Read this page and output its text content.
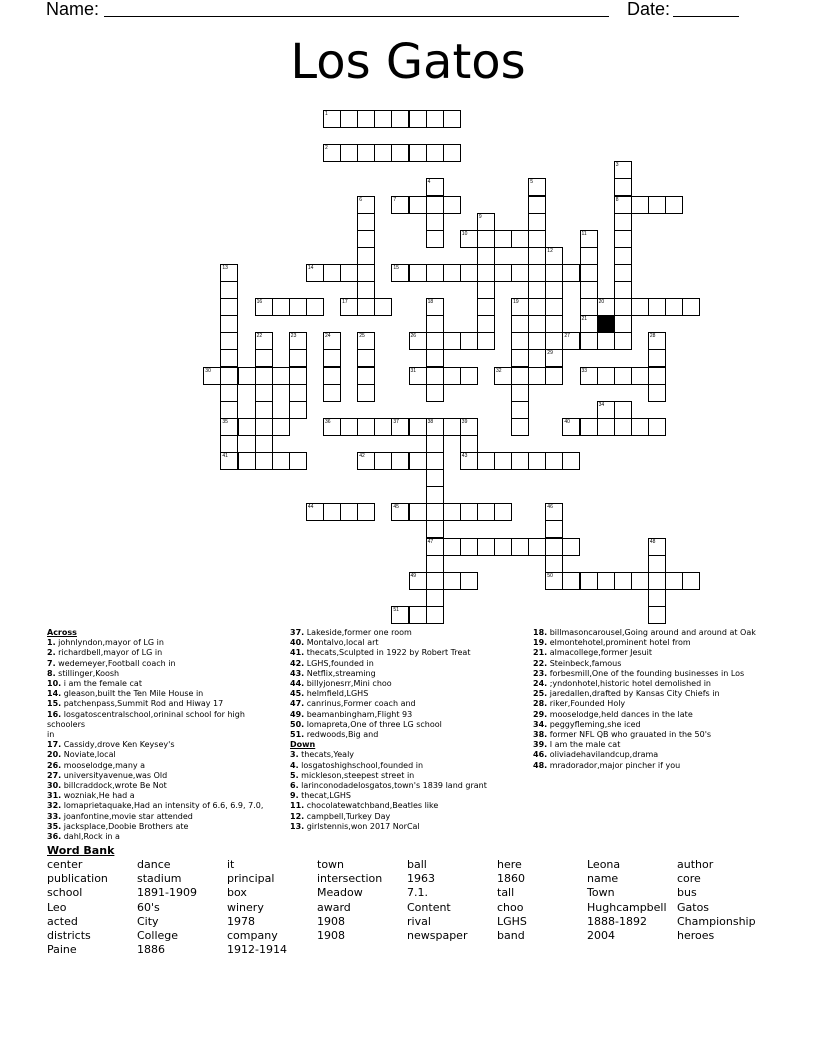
Name:	Date:
Los Gatos
1
2
3
4	5
6	7	8
9
10	11
12
13	14	15
16	17	18	19	20
21
22	23	24	25	26	27	28
29
30	31	32	33
34
35	36	37	38	39	40
41	42	43
44	45	46
47	48
49	50
51
Across
1. johnlyndon,mayor of LG in
2. richardbell,mayor of LG in
7. wedemeyer,Football coach in
8. stillinger,Koosh
10. i am the female cat
14. gleason,built the Ten Mile House in
15. patchenpass,Summit Rod and Hiway 17
16. losgatoscentralschool,orininal school for high schoolers
in
17. Cassidy,drove Ken Keysey's
20. Noviate,local
26. mooselodge,many a
27. universityavenue,was Old
30. billcraddock,wrote Be Not
31. wozniak,He had a
32. lomaprietaquake,Had an intensity of 6.6, 6.9, 7.0,
33. joanfontine,movie star attended
35. jacksplace,Doobie Brothers ate
36. dahl,Rock in a
37. Lakeside,former one room
40. Montalvo,local art
41. thecats,Sculpted in 1922 by Robert Treat
42. LGHS,founded in
43. Netflix,streaming
44. billyjonesrr,Mini choo
45. helmfield,LGHS
47. canrinus,Former coach and
49. beamanbingham,Flight 93
50. lomapreta,One of three LG school
51. redwoods,Big and
Down
3. thecats,Yealy
4. losgatoshighschool,founded in
5. mickleson,steepest street in
6. larinconodadelosgatos,town's 1839 land grant
9. thecat,LGHS
11. chocolatewatchband,Beatles like
12. campbell,Turkey Day
13. girlstennis,won 2017 NorCal
18. billmasoncarousel,Going around and around at Oak
19. elmontehotel,prominent hotel from
21. almacollege,former Jesuit
22. Steinbeck,famous
23. forbesmill,One of the founding businesses in Los
24. ;yndonhotel,historic hotel demolished in
25. jaredallen,drafted by Kansas City Chiefs in
28. riker,Founded Holy
29. mooselodge,held dances in the late
34. peggyfleming,she iced
38. former NFL QB who grauated in the 50's
39. I am the male cat
46. oliviadehavilandcup,drama
48. mradorador,major pincher if you
Word Bank
center
publication
school
Leo
acted
districts
Paine
dance
stadium
1891-1909
60's
City
College
1886
it
principal
box
winery
1978
company
1912-1914
town
intersection
Meadow
award
1908
1908
ball
1963
7.1.
Content
rival
newspaper
here
1860
tall
choo
LGHS
band
Leona
name
Town
Hughcampbell
1888-1892
2004
author
core
bus
Gatos
Championship
heroes
